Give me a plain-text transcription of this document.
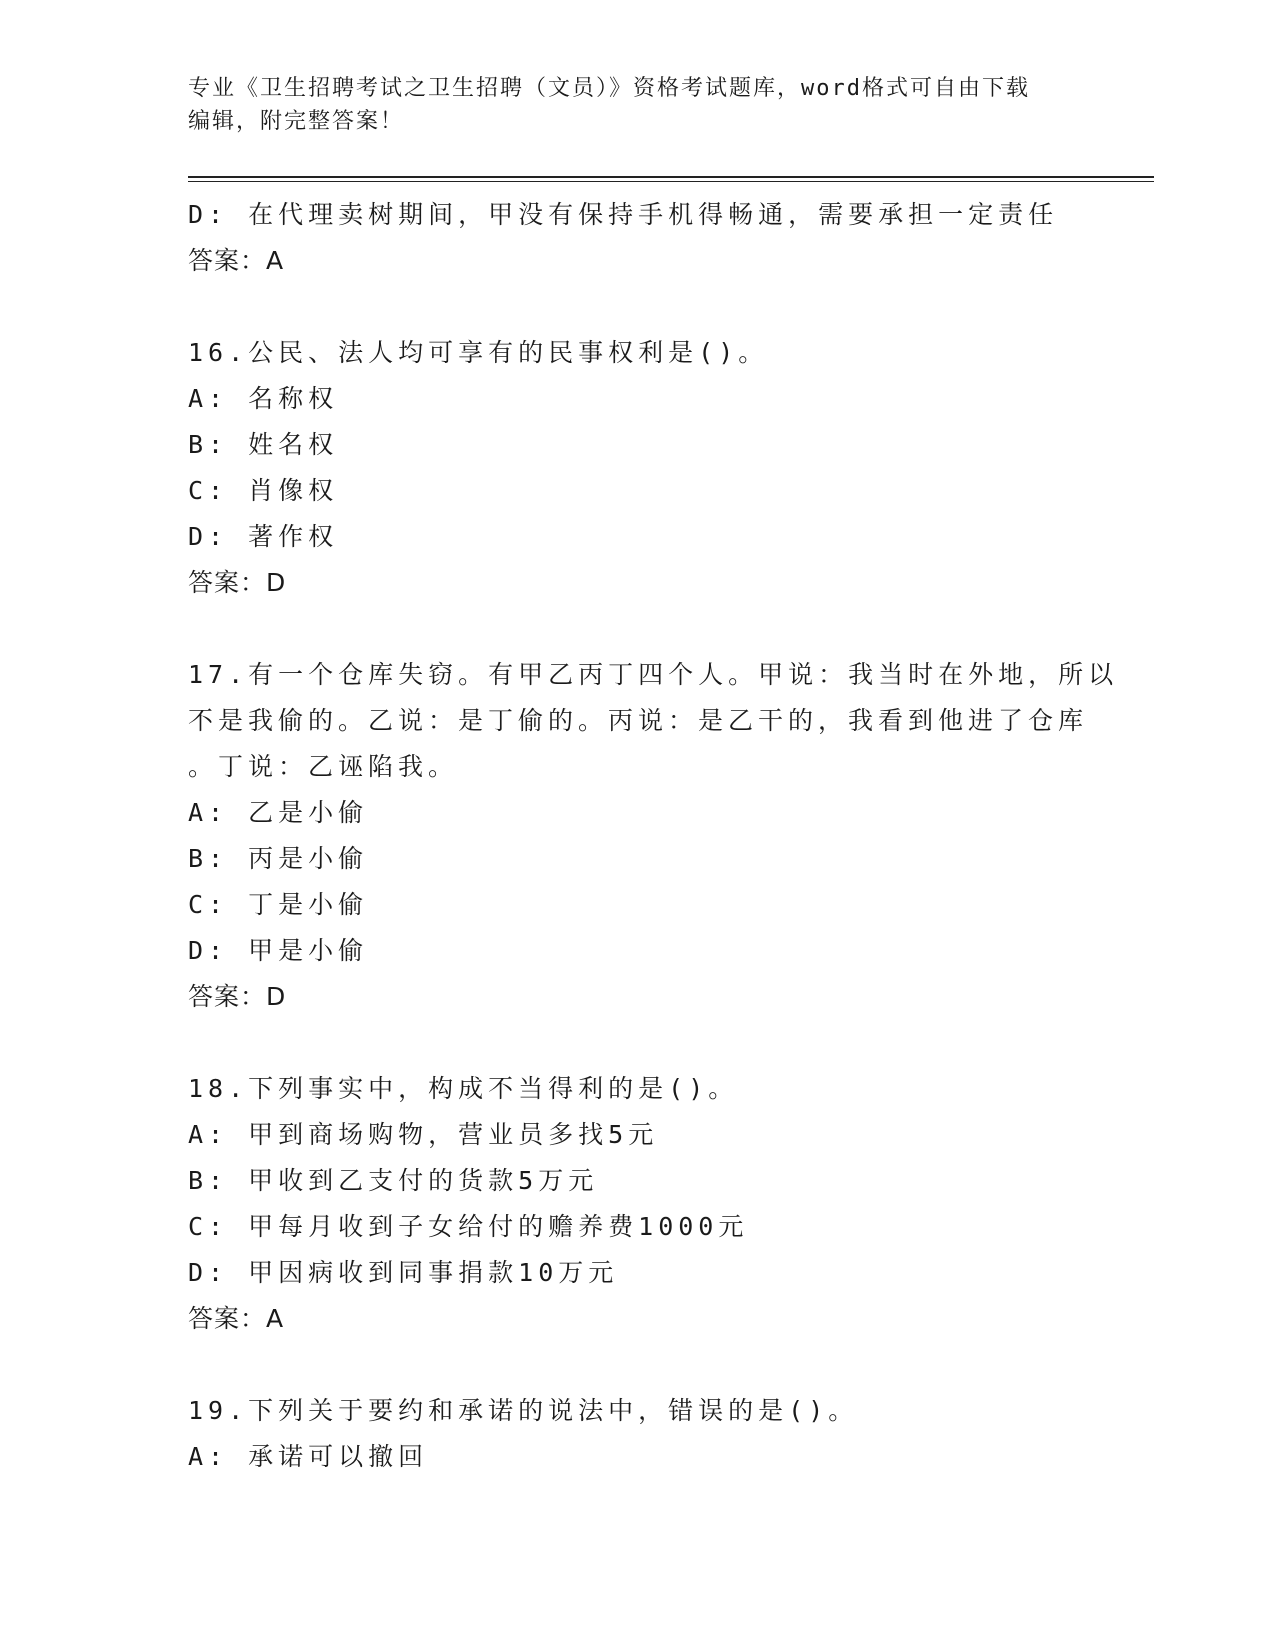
专业《卫生招聘考试之卫生招聘（文员）》资格考试题库，word格式可自由下载
编辑，附完整答案！
D: 在代理卖树期间，甲没有保持手机得畅通，需要承担一定责任
答案：A
16.公民、法人均可享有的民事权利是()。
A: 名称权
B: 姓名权
C: 肖像权
D: 著作权
答案：D
17.有一个仓库失窃。有甲乙丙丁四个人。甲说：我当时在外地，所以
不是我偷的。乙说：是丁偷的。丙说：是乙干的，我看到他进了仓库
。丁说：乙诬陷我。
A: 乙是小偷
B: 丙是小偷
C: 丁是小偷
D: 甲是小偷
答案：D
18.下列事实中，构成不当得利的是()。
A: 甲到商场购物，营业员多找5元
B: 甲收到乙支付的货款5万元
C: 甲每月收到子女给付的赡养费1000元
D: 甲因病收到同事捐款10万元
答案：A
19.下列关于要约和承诺的说法中，错误的是()。
A: 承诺可以撤回
